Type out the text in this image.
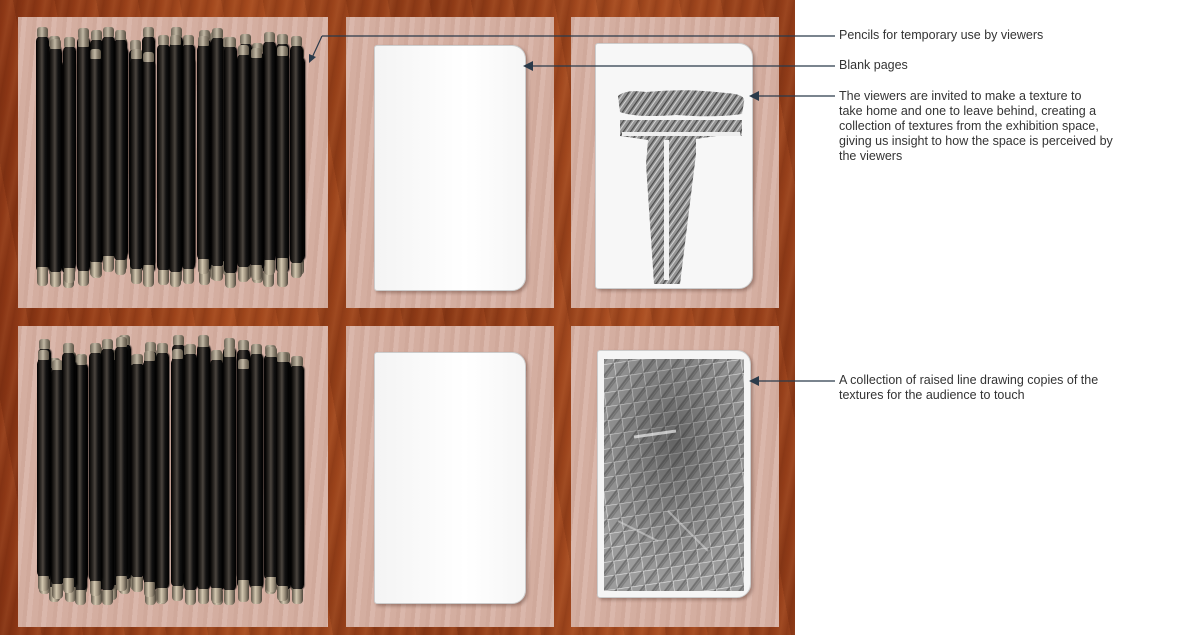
Pencils for temporary use by viewers
Blank pages
The viewers are invited to make a texture to
take home and one to leave behind, creating a
collection of textures from the exhibition space,
giving us insight to how the space is perceived by
the viewers
A collection of raised line drawing copies of the
textures for the audience to touch
